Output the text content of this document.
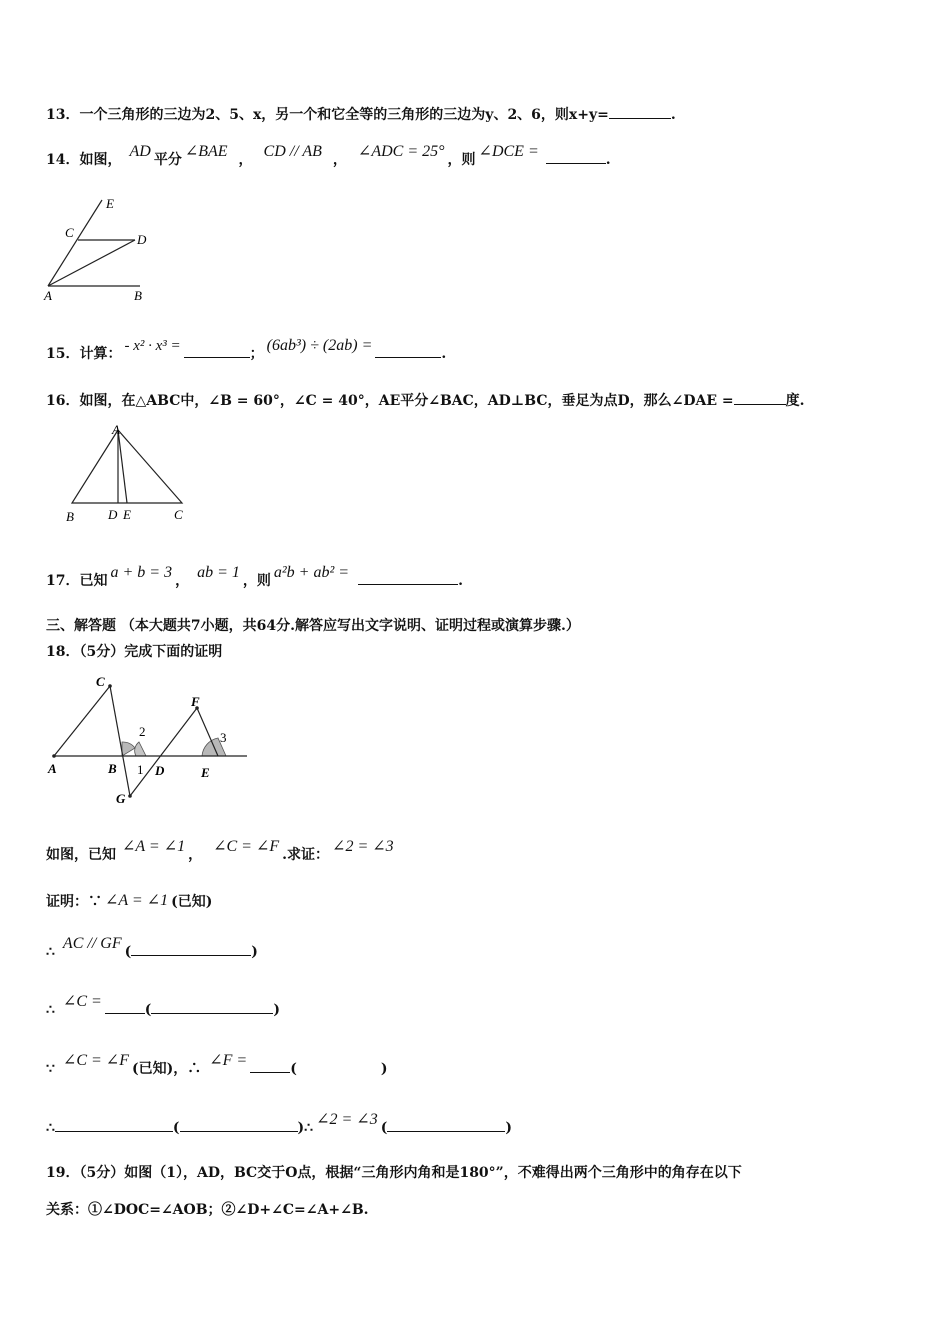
13．一个三角形的三边为2、5、x，另一个和它全等的三角形的三边为y、2、6，则x+y=	.
14．如图， AD 平分 ∠BAE ， CD // AB ， ∠ADC = 25° ，则 ∠DCE =	.
E
C	D
A	B
15．计算： - x² · x³ =	； (6ab³) ÷ (2ab) =	.
16．如图，在△ABC中，∠B = 60°，∠C = 40°，AE平分∠BAC，AD⊥BC，垂足为点D，那么∠DAE =	度.
A
B	D E	C
17．已知 a + b = 3 ， ab = 1 ，则 a²b + ab² =	.
三、解答题 （本大题共7小题，共64分.解答应写出文字说明、证明过程或演算步骤.）
18．（5分）完成下面的证明
C
F
2	3
A	B 1 D	E
G
如图，已知 ∠A = ∠1 ， ∠C = ∠F .求证： ∠2 = ∠3
证明：∵ ∠A = ∠1 (已知)
∴ AC // GF (	)
∴ ∠C =	(	)
∵ ∠C = ∠F (已知)，∴ ∠F =	(	)
∴	(	)∴ ∠2 = ∠3 (	)
19．（5分）如图（1），AD，BC交于O点，根据“三角形内角和是180°”，不难得出两个三角形中的角存在以下
关系：①∠DOC=∠AOB；②∠D+∠C=∠A+∠B.
